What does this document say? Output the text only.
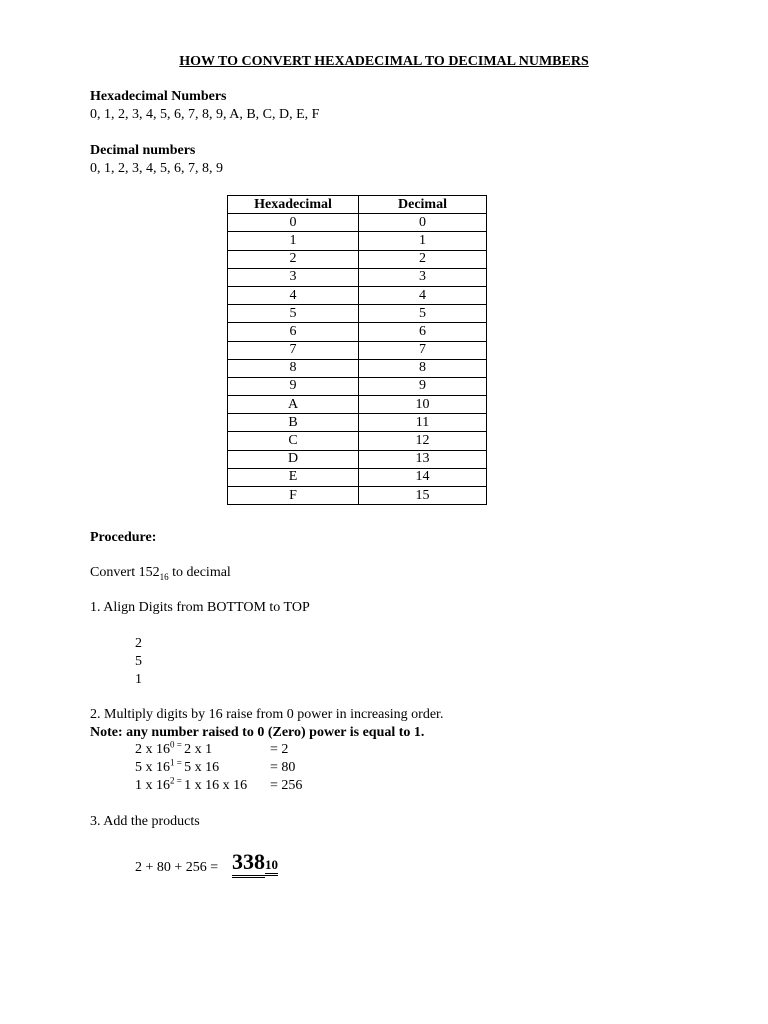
HOW TO CONVERT HEXADECIMAL TO DECIMAL NUMBERS
Hexadecimal Numbers
0, 1, 2, 3, 4, 5, 6, 7, 8, 9, A, B, C, D, E, F
Decimal numbers
0, 1, 2, 3, 4, 5, 6, 7, 8, 9
Hexadecimal	Decimal
0	0
1	1
2	2
3	3
4	4
5	5
6	6
7	7
8	8
9	9
A	10
B	11
C	12
D	13
E	14
F	15
Procedure:
Convert $152_{16}$ to decimal
1. Align Digits from BOTTOM to TOP
2
5
1
2. Multiply digits by 16 raise from 0 power in increasing order.
Note: any number raised to 0 (Zero) power is equal to 1.
2 x $16^0$ = 2 x 1	= 2
5 x $16^1$ = 5 x 16	= 80
1 x $16^2$ = 1 x 16 x 16 = 256
3. Add the products
2 + 80 + 256 = 33810
